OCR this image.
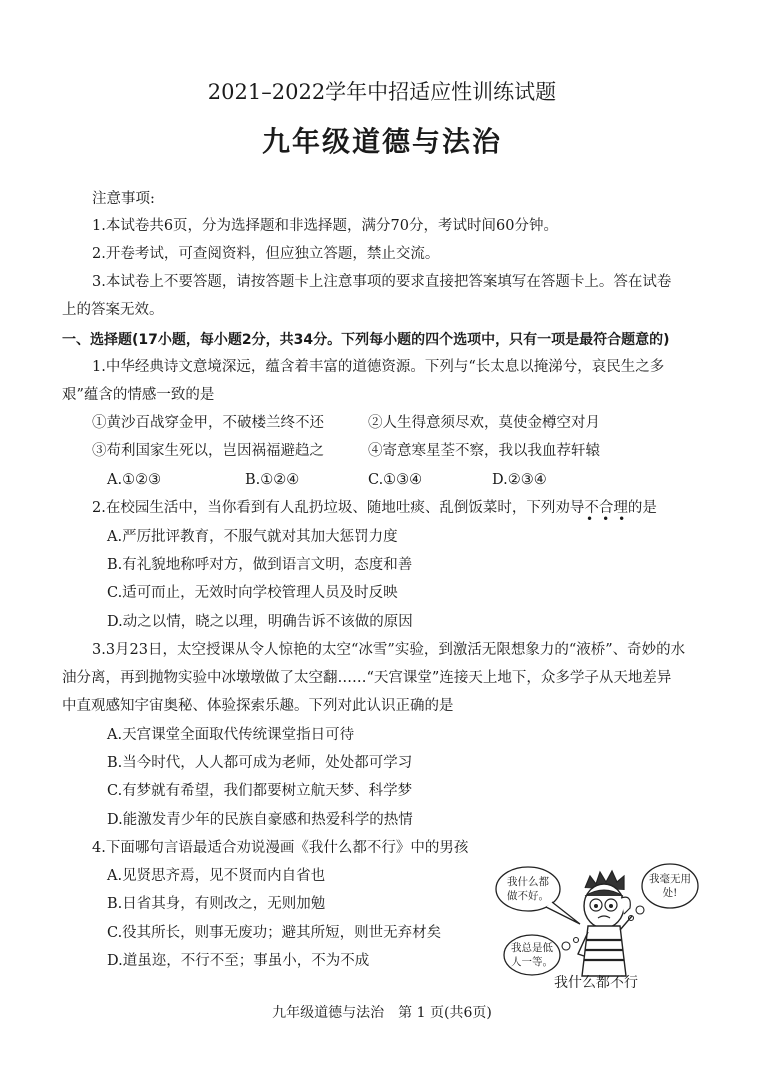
2021–2022学年中招适应性训练试题
九年级道德与法治
注意事项:
1.本试卷共6页，分为选择题和非选择题，满分70分，考试时间60分钟。
2.开卷考试，可查阅资料，但应独立答题，禁止交流。
3.本试卷上不要答题，请按答题卡上注意事项的要求直接把答案填写在答题卡上。答在试卷
上的答案无效。
一、选择题(17小题，每小题2分，共34分。下列每小题的四个选项中，只有一项是最符合题意的)
1.中华经典诗文意境深远，蕴含着丰富的道德资源。下列与“长太息以掩涕兮，哀民生之多
艰”蕴含的情感一致的是
①黄沙百战穿金甲，不破楼兰终不还	②人生得意须尽欢，莫使金樽空对月
③苟利国家生死以，岂因祸福避趋之	④寄意寒星荃不察，我以我血荐轩辕
A.①②③	B.①②④	C.①③④	D.②③④
2.在校园生活中，当你看到有人乱扔垃圾、随地吐痰、乱倒饭菜时，下列劝导不合理的是
•••
A.严厉批评教育，不服气就对其加大惩罚力度
B.有礼貌地称呼对方，做到语言文明，态度和善
C.适可而止，无效时向学校管理人员及时反映
D.动之以情，晓之以理，明确告诉不该做的原因
3.3月23日，太空授课从令人惊艳的太空“冰雪”实验，到激活无限想象力的“液桥”、奇妙的水
油分离，再到抛物实验中冰墩墩做了太空翻……“天宫课堂”连接天上地下，众多学子从天地差异
中直观感知宇宙奥秘、体验探索乐趣。下列对此认识正确的是
A.天宫课堂全面取代传统课堂指日可待
B.当今时代，人人都可成为老师，处处都可学习
C.有梦就有希望，我们都要树立航天梦、科学梦
D.能激发青少年的民族自豪感和热爱科学的热情
4.下面哪句言语最适合劝说漫画《我什么都不行》中的男孩
A.见贤思齐焉，见不贤而内自省也
B.日省其身，有则改之，无则加勉
C.役其所长，则事无废功；避其所短，则世无弃材矣
D.道虽迩，不行不至；事虽小，不为不成
我什么都做不好。
我毫无用处!
我总是低人一等。
我什么都不行
九年级道德与法治　第 1 页(共6页)
